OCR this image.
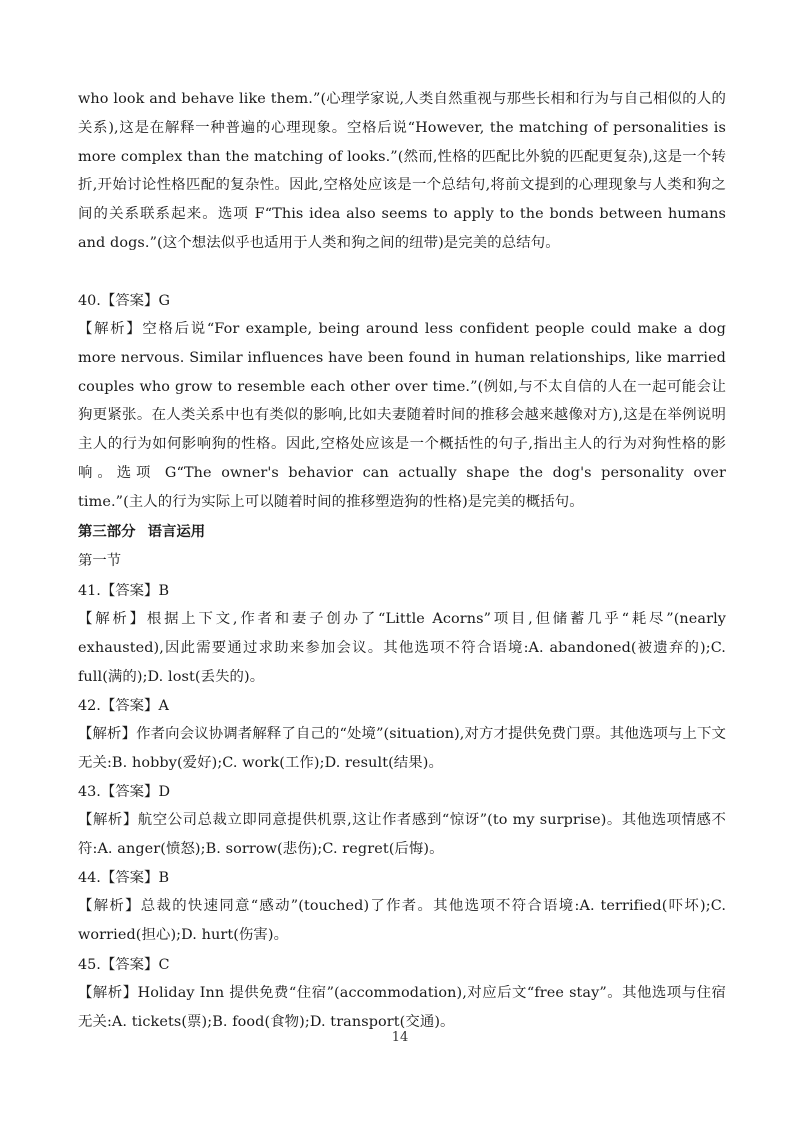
who look and behave like them.”(心理学家说,人类自然重视与那些长相和行为与自己相似的人的关系),这是在解释一种普遍的心理现象。空格后说“However, the matching of personalities is more complex than the matching of looks.”(然而,性格的匹配比外貌的匹配更复杂),这是一个转折,开始讨论性格匹配的复杂性。因此,空格处应该是一个总结句,将前文提到的心理现象与人类和狗之间的关系联系起来。选项 F“This idea also seems to apply to the bonds between humans and dogs.”(这个想法似乎也适用于人类和狗之间的纽带)是完美的总结句。

40.【答案】G

【解析】空格后说“For example, being around less confident people could make a dog more nervous. Similar influences have been found in human relationships, like married couples who grow to resemble each other over time.”(例如,与不太自信的人在一起可能会让狗更紧张。在人类关系中也有类似的影响,比如夫妻随着时间的推移会越来越像对方),这是在举例说明主人的行为如何影响狗的性格。因此,空格处应该是一个概括性的句子,指出主人的行为对狗性格的影响。选项 G“The owner's behavior can actually shape the dog's personality over time.”(主人的行为实际上可以随着时间的推移塑造狗的性格)是完美的概括句。

第三部分 语言运用

第一节

41.【答案】B

【解析】根据上下文,作者和妻子创办了“Little Acorns”项目,但储蓄几乎“耗尽”(nearly exhausted),因此需要通过求助来参加会议。其他选项不符合语境:A. abandoned(被遗弃的);C. full(满的);D. lost(丢失的)。

42.【答案】A

【解析】作者向会议协调者解释了自己的“处境”(situation),对方才提供免费门票。其他选项与上下文无关:B. hobby(爱好);C. work(工作);D. result(结果)。

43.【答案】D

【解析】航空公司总裁立即同意提供机票,这让作者感到“惊讶”(to my surprise)。其他选项情感不符:A. anger(愤怒);B. sorrow(悲伤);C. regret(后悔)。

44.【答案】B

【解析】总裁的快速同意“感动”(touched)了作者。其他选项不符合语境:A. terrified(吓坏);C. worried(担心);D. hurt(伤害)。

45.【答案】C

【解析】Holiday Inn 提供免费“住宿”(accommodation),对应后文“free stay”。其他选项与住宿无关:A. tickets(票);B. food(食物);D. transport(交通)。

14
